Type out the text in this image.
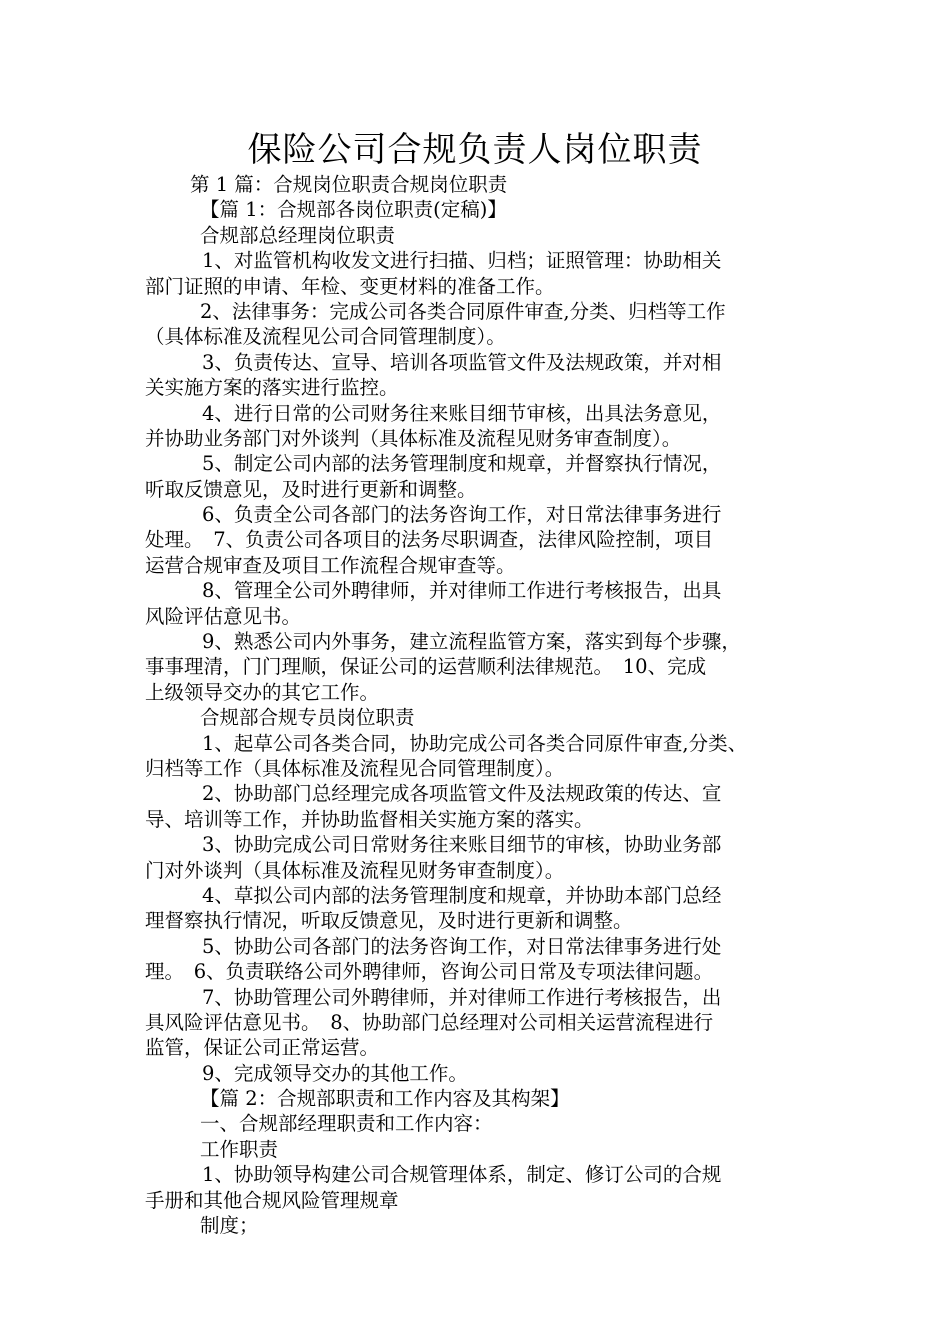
保险公司合规负责人岗位职责
第 1 篇：合规岗位职责合规岗位职责
【篇 1：合规部各岗位职责(定稿)】
合规部总经理岗位职责
1、对监管机构收发文进行扫描、归档；证照管理：协助相关
部门证照的申请、年检、变更材料的准备工作。
2、法律事务：完成公司各类合同原件审查,分类、归档等工作
（具体标准及流程见公司合同管理制度）。
3、负责传达、宣导、培训各项监管文件及法规政策，并对相
关实施方案的落实进行监控。
4、进行日常的公司财务往来账目细节审核，出具法务意见，
并协助业务部门对外谈判（具体标准及流程见财务审查制度）。
5、制定公司内部的法务管理制度和规章，并督察执行情况，
听取反馈意见，及时进行更新和调整。
6、负责全公司各部门的法务咨询工作，对日常法律事务进行
处理。　7、负责公司各项目的法务尽职调查，法律风险控制，项目
运营合规审查及项目工作流程合规审查等。
8、管理全公司外聘律师，并对律师工作进行考核报告，出具
风险评估意见书。
9、熟悉公司内外事务，建立流程监管方案，落实到每个步骤，
事事理清，门门理顺，保证公司的运营顺利法律规范。　10、完成
上级领导交办的其它工作。
合规部合规专员岗位职责
1、起草公司各类合同，协助完成公司各类合同原件审查,分类、
归档等工作（具体标准及流程见合同管理制度）。
2、协助部门总经理完成各项监管文件及法规政策的传达、宣
导、培训等工作，并协助监督相关实施方案的落实。
3、协助完成公司日常财务往来账目细节的审核，协助业务部
门对外谈判（具体标准及流程见财务审查制度）。
4、草拟公司内部的法务管理制度和规章，并协助本部门总经
理督察执行情况，听取反馈意见，及时进行更新和调整。
5、协助公司各部门的法务咨询工作，对日常法律事务进行处
理。　6、负责联络公司外聘律师，咨询公司日常及专项法律问题。
7、协助管理公司外聘律师，并对律师工作进行考核报告，出
具风险评估意见书。　8、协助部门总经理对公司相关运营流程进行
监管，保证公司正常运营。
9、完成领导交办的其他工作。
【篇 2：合规部职责和工作内容及其构架】
一、合规部经理职责和工作内容：
工作职责
1、协助领导构建公司合规管理体系，制定、修订公司的合规
手册和其他合规风险管理规章
制度；
